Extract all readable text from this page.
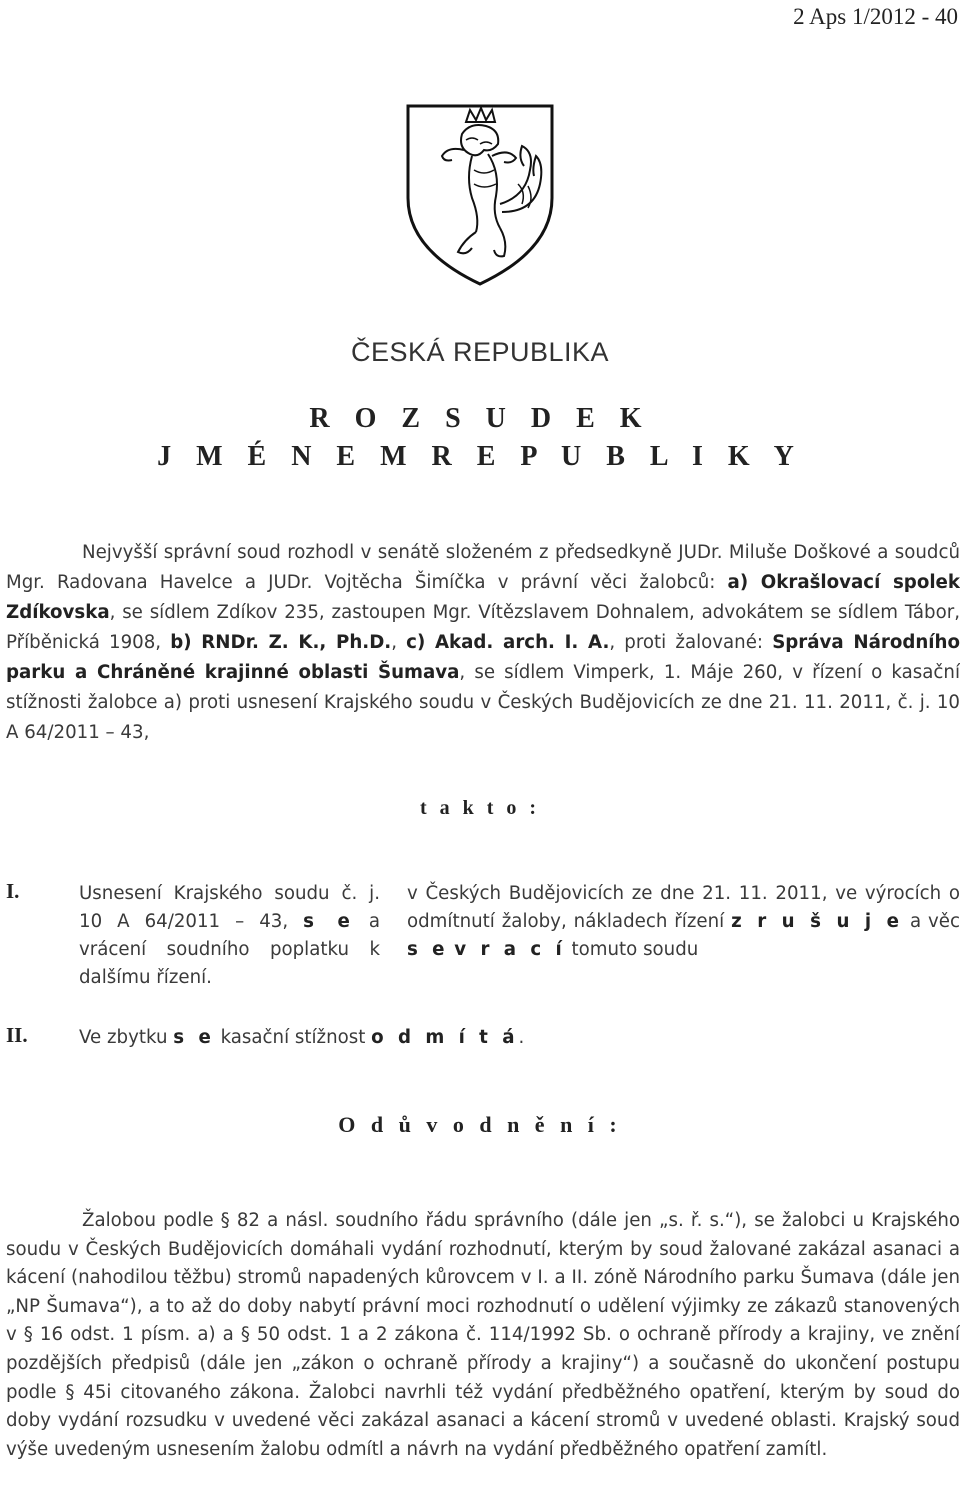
2 Aps 1/2012 - 40
ČESKÁ REPUBLIKA
R O Z S U D E K
J M É N E M R E P U B L I K Y
Nejvyšší správní soud rozhodl v senátě složeném z předsedkyně JUDr. Miluše Doškové a soudců Mgr. Radovana Havelce a JUDr. Vojtěcha Šimíčka v právní věci žalobců: a) Okrašlovací spolek Zdíkovska, se sídlem Zdíkov 235, zastoupen Mgr. Vítězslavem Dohnalem, advokátem se sídlem Tábor, Příběnická 1908, b) RNDr. Z. K., Ph.D., c) Akad. arch. I. A., proti žalované: Správa Národního parku a Chráněné krajinné oblasti Šumava, se sídlem Vimperk, 1. Máje 260, v řízení o kasační stížnosti žalobce a) proti usnesení Krajského soudu v Českých Budějovicích ze dne 21. 11. 2011, č. j. 10 A 64/2011 – 43,
t a k t o :
I.	Usnesení Krajského soudu č. j. 10 A 64/2011 – 43, s e a vrácení soudního poplatku k dalšímu řízení.
v Českých Budějovicích ze dne 21. 11. 2011, ve výrocích o odmítnutí žaloby, nákladech řízení z r u š u j e a věc s e v r a c í tomuto soudu
II.	Ve zbytku s e kasační stížnost o d m í t á.
O d ů v o d n ě n í :
Žalobou podle § 82 a násl. soudního řádu správního (dále jen „s. ř. s.“), se žalobci u Krajského soudu v Českých Budějovicích domáhali vydání rozhodnutí, kterým by soud žalované zakázal asanaci a kácení (nahodilou těžbu) stromů napadených kůrovcem v I. a II. zóně Národního parku Šumava (dále jen „NP Šumava“), a to až do doby nabytí právní moci rozhodnutí o udělení výjimky ze zákazů stanovených v § 16 odst. 1 písm. a) a § 50 odst. 1 a 2 zákona č. 114/1992 Sb. o ochraně přírody a krajiny, ve znění pozdějších předpisů (dále jen „zákon o ochraně přírody a krajiny“) a současně do ukončení postupu podle § 45i citovaného zákona. Žalobci navrhli též vydání předběžného opatření, kterým by soud do doby vydání rozsudku v uvedené věci zakázal asanaci a kácení stromů v uvedené oblasti. Krajský soud výše uvedeným usnesením žalobu odmítl a návrh na vydání předběžného opatření zamítl.
